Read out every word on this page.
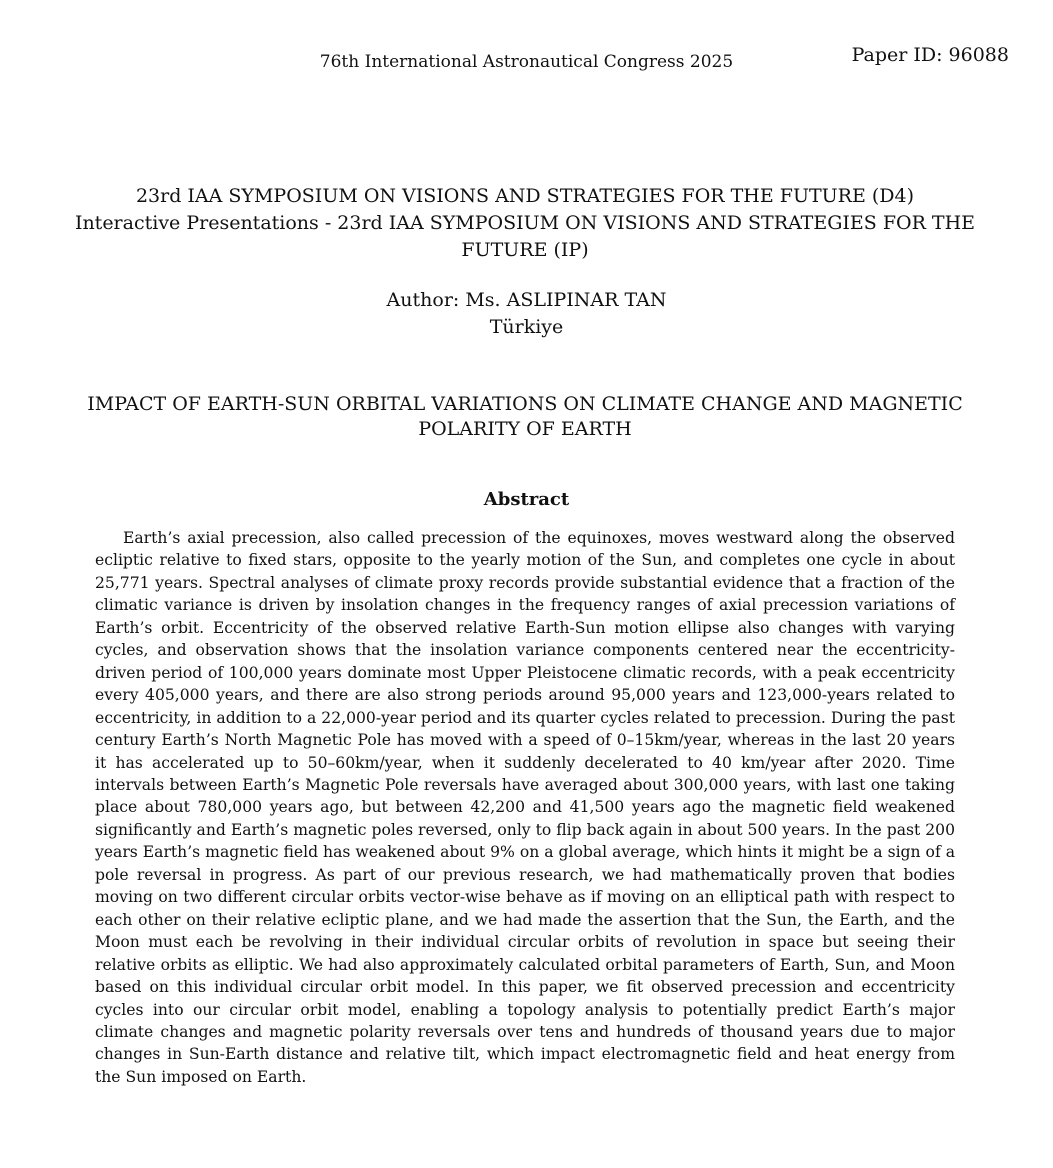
76th International Astronautical Congress 2025	Paper ID: 96088
23rd IAA SYMPOSIUM ON VISIONS AND STRATEGIES FOR THE FUTURE (D4)
Interactive Presentations - 23rd IAA SYMPOSIUM ON VISIONS AND STRATEGIES FOR THE FUTURE (IP)
Author: Ms. ASLIPINAR TAN
Türkiye
IMPACT OF EARTH-SUN ORBITAL VARIATIONS ON CLIMATE CHANGE AND MAGNETIC POLARITY OF EARTH
Abstract

Earth’s axial precession, also called precession of the equinoxes, moves westward along the observed ecliptic relative to fixed stars, opposite to the yearly motion of the Sun, and completes one cycle in about 25,771 years. Spectral analyses of climate proxy records provide substantial evidence that a fraction of the climatic variance is driven by insolation changes in the frequency ranges of axial precession variations of Earth’s orbit. Eccentricity of the observed relative Earth-Sun motion ellipse also changes with varying cycles, and observation shows that the insolation variance components centered near the eccentricity-driven period of 100,000 years dominate most Upper Pleistocene climatic records, with a peak eccentricity every 405,000 years, and there are also strong periods around 95,000 years and 123,000-years related to eccentricity, in addition to a 22,000-year period and its quarter cycles related to precession. During the past century Earth’s North Magnetic Pole has moved with a speed of 0–15km/year, whereas in the last 20 years it has accelerated up to 50–60km/year, when it suddenly decelerated to 40 km/year after 2020. Time intervals between Earth’s Magnetic Pole reversals have averaged about 300,000 years, with last one taking place about 780,000 years ago, but between 42,200 and 41,500 years ago the magnetic field weakened significantly and Earth’s magnetic poles reversed, only to flip back again in about 500 years. In the past 200 years Earth’s magnetic field has weakened about 9% on a global average, which hints it might be a sign of a pole reversal in progress. As part of our previous research, we had mathematically proven that bodies moving on two different circular orbits vector-wise behave as if moving on an elliptical path with respect to each other on their relative ecliptic plane, and we had made the assertion that the Sun, the Earth, and the Moon must each be revolving in their individual circular orbits of revolution in space but seeing their relative orbits as elliptic. We had also approximately calculated orbital parameters of Earth, Sun, and Moon based on this individual circular orbit model. In this paper, we fit observed precession and eccentricity cycles into our circular orbit model, enabling a topology analysis to potentially predict Earth’s major climate changes and magnetic polarity reversals over tens and hundreds of thousand years due to major changes in Sun-Earth distance and relative tilt, which impact electromagnetic field and heat energy from the Sun imposed on Earth.
